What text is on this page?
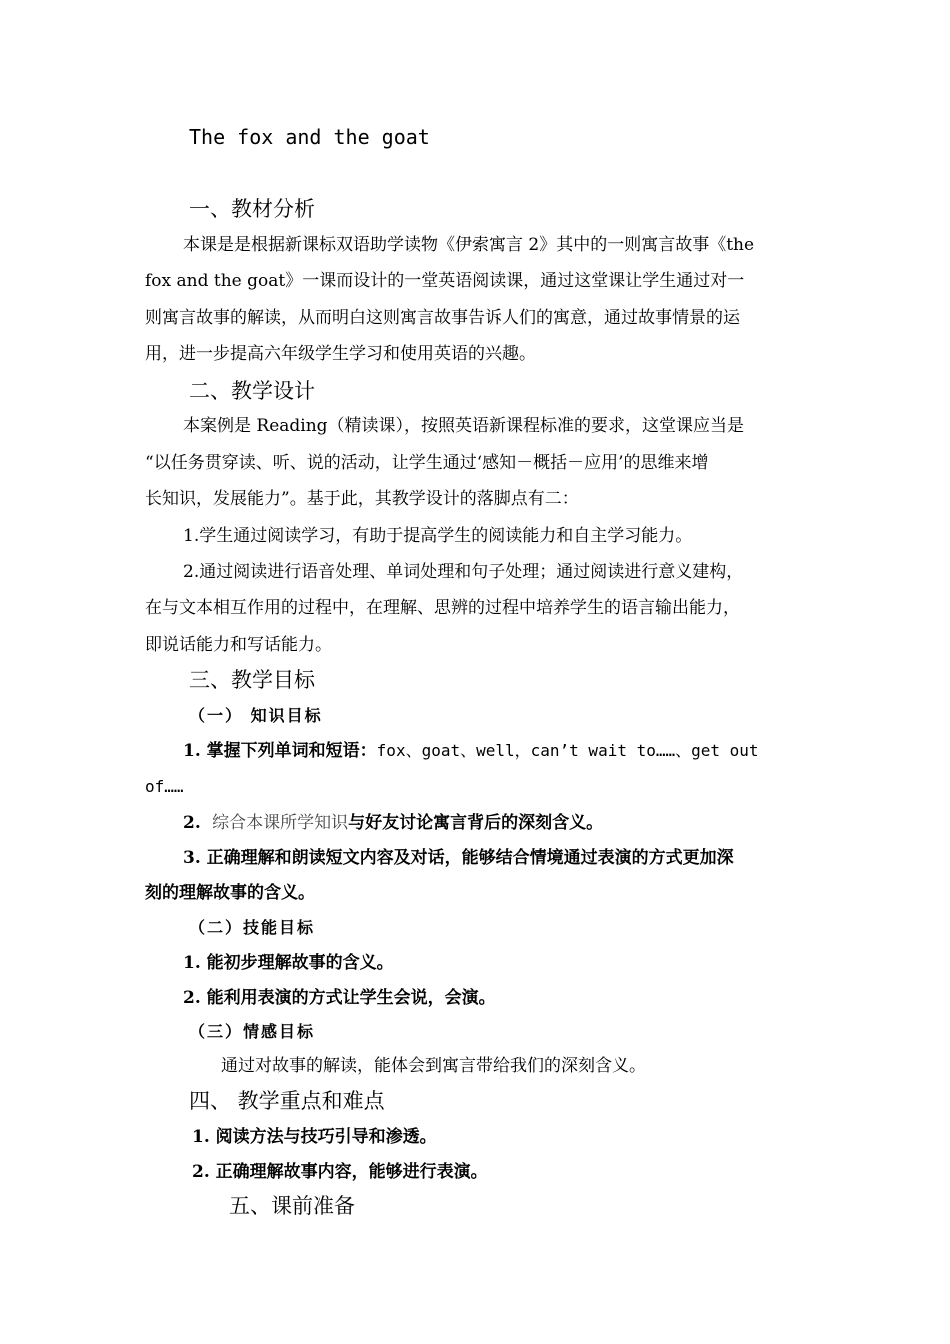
The fox and the goat
一、教材分析
本课是是根据新课标双语助学读物《伊索寓言 2》其中的一则寓言故事《the
fox and the goat》一课而设计的一堂英语阅读课，通过这堂课让学生通过对一
则寓言故事的解读，从而明白这则寓言故事告诉人们的寓意，通过故事情景的运
用，进一步提高六年级学生学习和使用英语的兴趣。
二、教学设计
本案例是 Reading（精读课），按照英语新课程标准的要求，这堂课应当是
“以任务贯穿读、听、说的活动，让学生通过‘感知－概括－应用’的思维来增
长知识，发展能力”。基于此，其教学设计的落脚点有二：
1.学生通过阅读学习，有助于提高学生的阅读能力和自主学习能力。
2.通过阅读进行语音处理、单词处理和句子处理；通过阅读进行意义建构，
在与文本相互作用的过程中，在理解、思辨的过程中培养学生的语言输出能力，
即说话能力和写话能力。
三、教学目标
（一） 知识目标
1. 掌握下列单词和短语：fox、goat、well，can’t wait to……、get out
of……
2. 综合本课所学知识与好友讨论寓言背后的深刻含义。
3. 正确理解和朗读短文内容及对话，能够结合情境通过表演的方式更加深
刻的理解故事的含义。
（二）技能目标
1. 能初步理解故事的含义。
2. 能利用表演的方式让学生会说，会演。
（三）情感目标
通过对故事的解读，能体会到寓言带给我们的深刻含义。
四、 教学重点和难点
1. 阅读方法与技巧引导和渗透。
2. 正确理解故事内容，能够进行表演。
五、课前准备
